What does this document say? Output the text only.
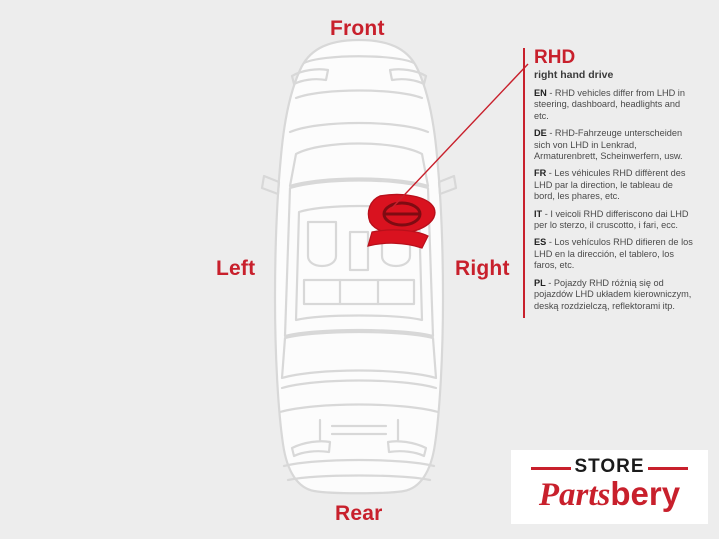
Front
Rear
Left	Right
RHD
right hand drive
EN - RHD vehicles differ from LHD in steering, dashboard, headlights and etc.
DE - RHD-Fahrzeuge unterscheiden sich von LHD in Lenkrad, Armaturenbrett, Scheinwerfern, usw.
FR - Les véhicules RHD diffèrent des LHD par la direction, le tableau de bord, les phares, etc.
IT - I veicoli RHD differiscono dai LHD per lo sterzo, il cruscotto, i fari, ecc.
ES - Los vehículos RHD difieren de los LHD en la dirección, el tablero, los faros, etc.
PL - Pojazdy RHD różnią się od pojazdów LHD układem kierowniczym, deską rozdzielczą, reflektorami itp.
STORE
Partsbery
